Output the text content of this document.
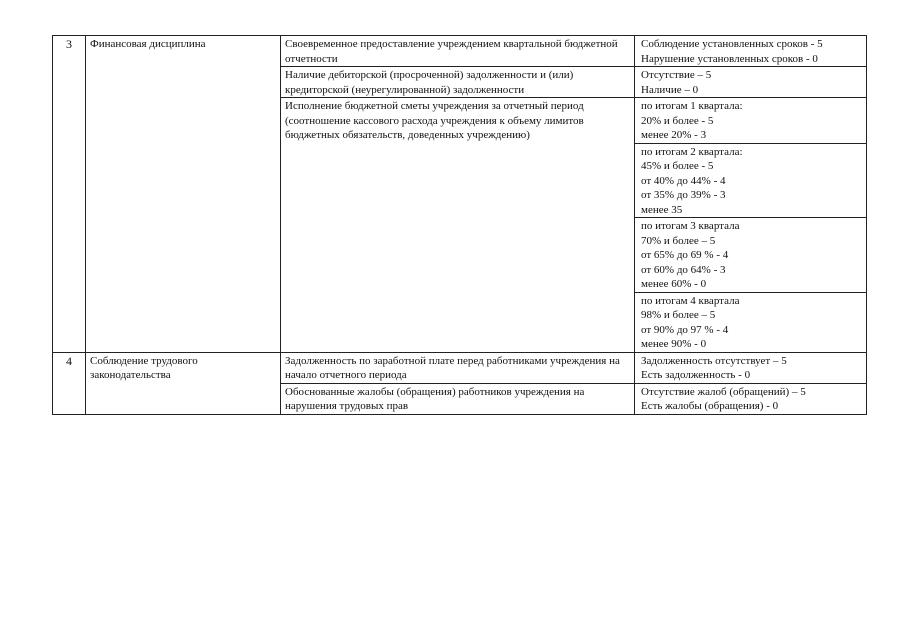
3	Финансовая дисциплина	Своевременное предоставление учреждением квартальной бюджетной отчетности	Соблюдение установленных сроков - 5
Нарушение установленных сроков - 0

		Наличие дебиторской (просроченной) задолженности и (или) кредиторской (неурегулированной) задолженности	Отсутствие – 5
Наличие – 0

		Исполнение бюджетной сметы учреждения за отчетный период (соотношение кассового расхода учреждения к объему лимитов бюджетных обязательств, доведенных учреждению)	по итогам 1 квартала:
20% и более - 5
менее 20% - 3

			по итогам 2 квартала:
45% и более - 5
от 40% до 44% - 4
от 35% до 39% - 3
менее 35

			по итогам 3 квартала
70% и более – 5
от 65% до 69 % - 4
от 60% до 64% - 3
менее 60% - 0

			по итогам 4 квартала
98% и более – 5
от 90% до 97 % - 4
менее 90% - 0

4	Соблюдение трудового законодательства	Задолженность по заработной плате перед работниками учреждения на начало отчетного периода	Задолженность отсутствует – 5
Есть задолженность - 0

		Обоснованные жалобы (обращения) работников учреждения на нарушения трудовых прав	Отсутствие жалоб (обращений) – 5
Есть жалобы (обращения) - 0
